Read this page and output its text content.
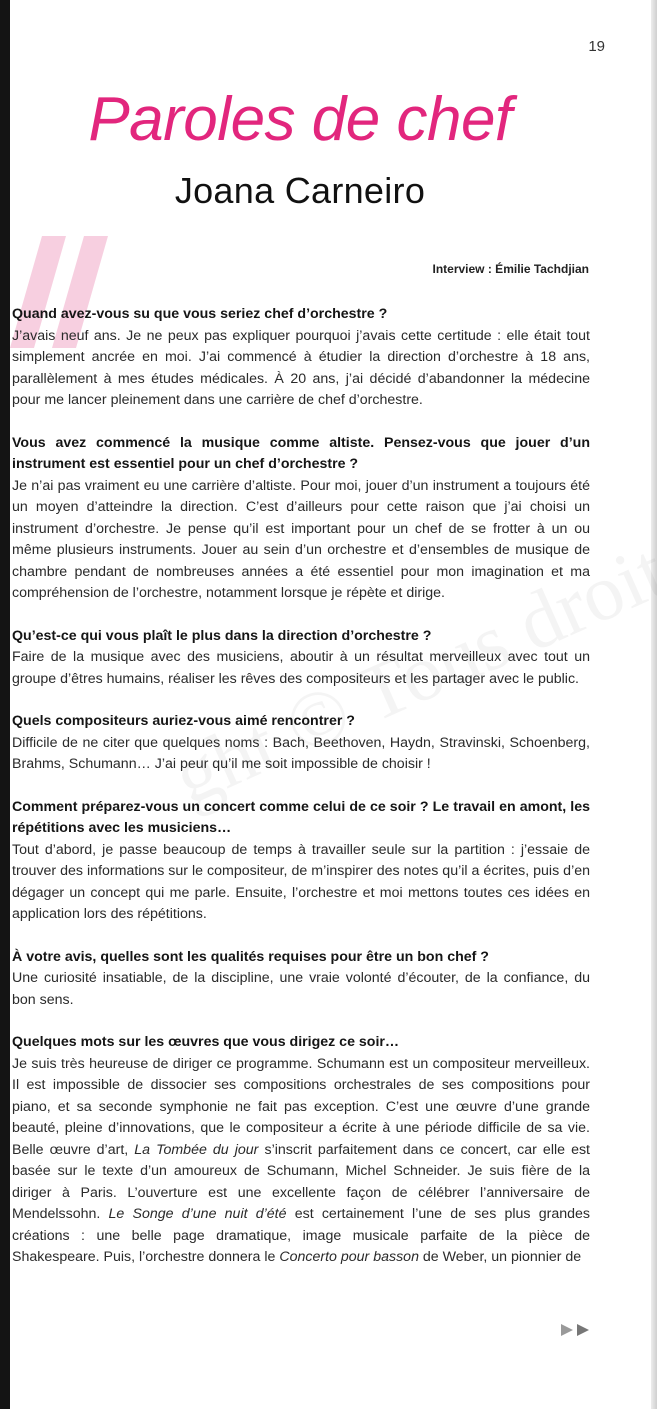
19
Paroles de chef
Joana Carneiro
Interview : Émilie Tachdjian

Quand avez-vous su que vous seriez chef d’orchestre ?

J’avais neuf ans. Je ne peux pas expliquer pourquoi j’avais cette certitude : elle était tout simplement ancrée en moi. J’ai commencé à étudier la direction d’orchestre à 18 ans, parallèlement à mes études médicales. À 20 ans, j’ai décidé d’abandonner la médecine pour me lancer pleinement dans une carrière de chef d’orchestre.

Vous avez commencé la musique comme altiste. Pensez-vous que jouer d’un instrument est essentiel pour un chef d’orchestre ?

Je n’ai pas vraiment eu une carrière d’altiste. Pour moi, jouer d’un instrument a toujours été un moyen d’atteindre la direction. C’est d’ailleurs pour cette raison que j’ai choisi un instrument d’orchestre. Je pense qu’il est important pour un chef de se frotter à un ou même plusieurs instruments. Jouer au sein d’un orchestre et d’ensembles de musique de chambre pendant de nombreuses années a été essentiel pour mon imagination et ma compréhension de l’orchestre, notamment lorsque je répète et dirige.

Qu’est-ce qui vous plaît le plus dans la direction d’orchestre ?

Faire de la musique avec des musiciens, aboutir à un résultat merveilleux avec tout un groupe d’êtres humains, réaliser les rêves des compositeurs et les partager avec le public.

Quels compositeurs auriez-vous aimé rencontrer ?

Difficile de ne citer que quelques noms : Bach, Beethoven, Haydn, Stravinski, Schoenberg, Brahms, Schumann… J’ai peur qu’il me soit impossible de choisir !

Comment préparez-vous un concert comme celui de ce soir ? Le travail en amont, les répétitions avec les musiciens…

Tout d’abord, je passe beaucoup de temps à travailler seule sur la partition : j’essaie de trouver des informations sur le compositeur, de m’inspirer des notes qu’il a écrites, puis d’en dégager un concept qui me parle. Ensuite, l’orchestre et moi mettons toutes ces idées en application lors des répétitions.

À votre avis, quelles sont les qualités requises pour être un bon chef ?

Une curiosité insatiable, de la discipline, une vraie volonté d’écouter, de la confiance, du bon sens.

Quelques mots sur les œuvres que vous dirigez ce soir…

Je suis très heureuse de diriger ce programme. Schumann est un compositeur merveilleux. Il est impossible de dissocier ses compositions orchestrales de ses compositions pour piano, et sa seconde symphonie ne fait pas exception. C’est une œuvre d’une grande beauté, pleine d’innovations, que le compositeur a écrite à une période difficile de sa vie. Belle œuvre d’art, La Tombée du jour s’inscrit parfaitement dans ce concert, car elle est basée sur le texte d’un amoureux de Schumann, Michel Schneider. Je suis fière de la diriger à Paris. L’ouverture est une excellente façon de célébrer l’anniversaire de Mendelssohn. Le Songe d’une nuit d’été est certainement l’une de ses plus grandes créations : une belle page dramatique, image musicale parfaite de la pièce de Shakespeare. Puis, l’orchestre donnera le Concerto pour basson de Weber, un pionnier de
